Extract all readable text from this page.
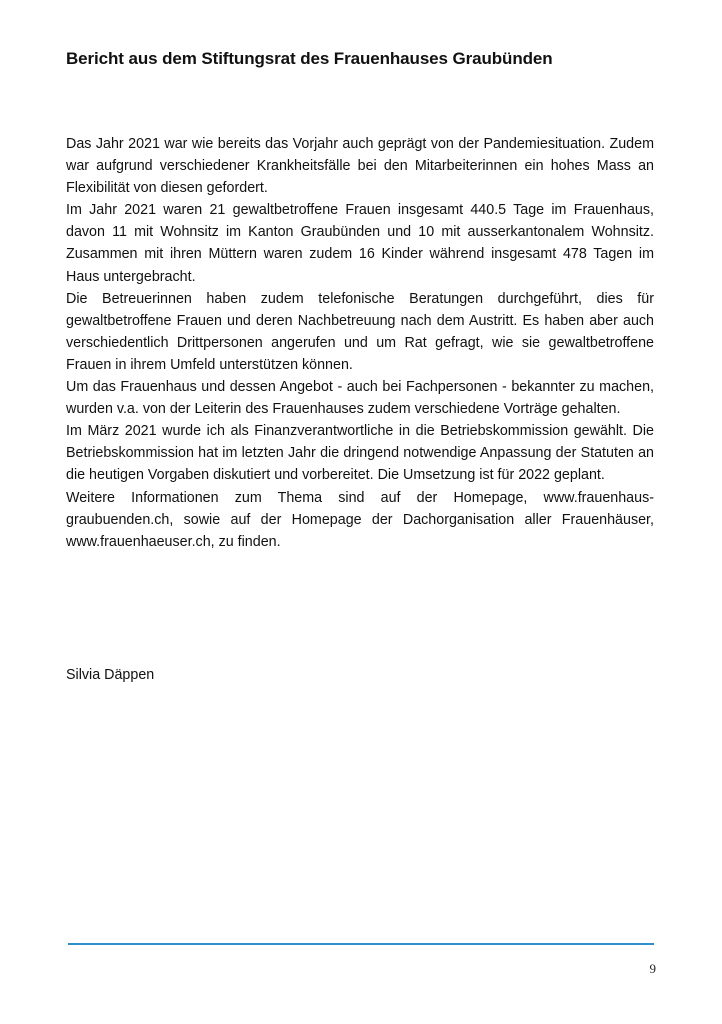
Bericht aus dem Stiftungsrat des Frauenhauses Graubünden

Das Jahr 2021 war wie bereits das Vorjahr auch geprägt von der Pandemiesituation. Zudem war aufgrund verschiedener Krankheitsfälle bei den Mitarbeiterinnen ein hohes Mass an Flexibilität von diesen gefordert.

Im Jahr 2021 waren 21 gewaltbetroffene Frauen insgesamt 440.5 Tage im Frauenhaus, davon 11 mit Wohnsitz im Kanton Graubünden und 10 mit ausserkantonalem Wohnsitz. Zusammen mit ihren Müttern waren zudem 16 Kinder während insgesamt 478 Tagen im Haus untergebracht.

Die Betreuerinnen haben zudem telefonische Beratungen durchgeführt, dies für gewaltbetroffene Frauen und deren Nachbetreuung nach dem Austritt. Es haben aber auch verschiedentlich Drittpersonen angerufen und um Rat gefragt, wie sie gewaltbetroffene Frauen in ihrem Umfeld unterstützen können.

Um das Frauenhaus und dessen Angebot - auch bei Fachpersonen - bekannter zu machen, wurden v.a. von der Leiterin des Frauenhauses zudem verschiedene Vorträge gehalten.

Im März 2021 wurde ich als Finanzverantwortliche in die Betriebskommission gewählt. Die Betriebskommission hat im letzten Jahr die dringend notwendige Anpassung der Statuten an die heutigen Vorgaben diskutiert und vorbereitet. Die Umsetzung ist für 2022 geplant.

Weitere Informationen zum Thema sind auf der Homepage, www.frauenhaus-graubuenden.ch, sowie auf der Homepage der Dachorganisation aller Frauenhäuser, www.frauenhaeuser.ch, zu finden.

Silvia Däppen

9
